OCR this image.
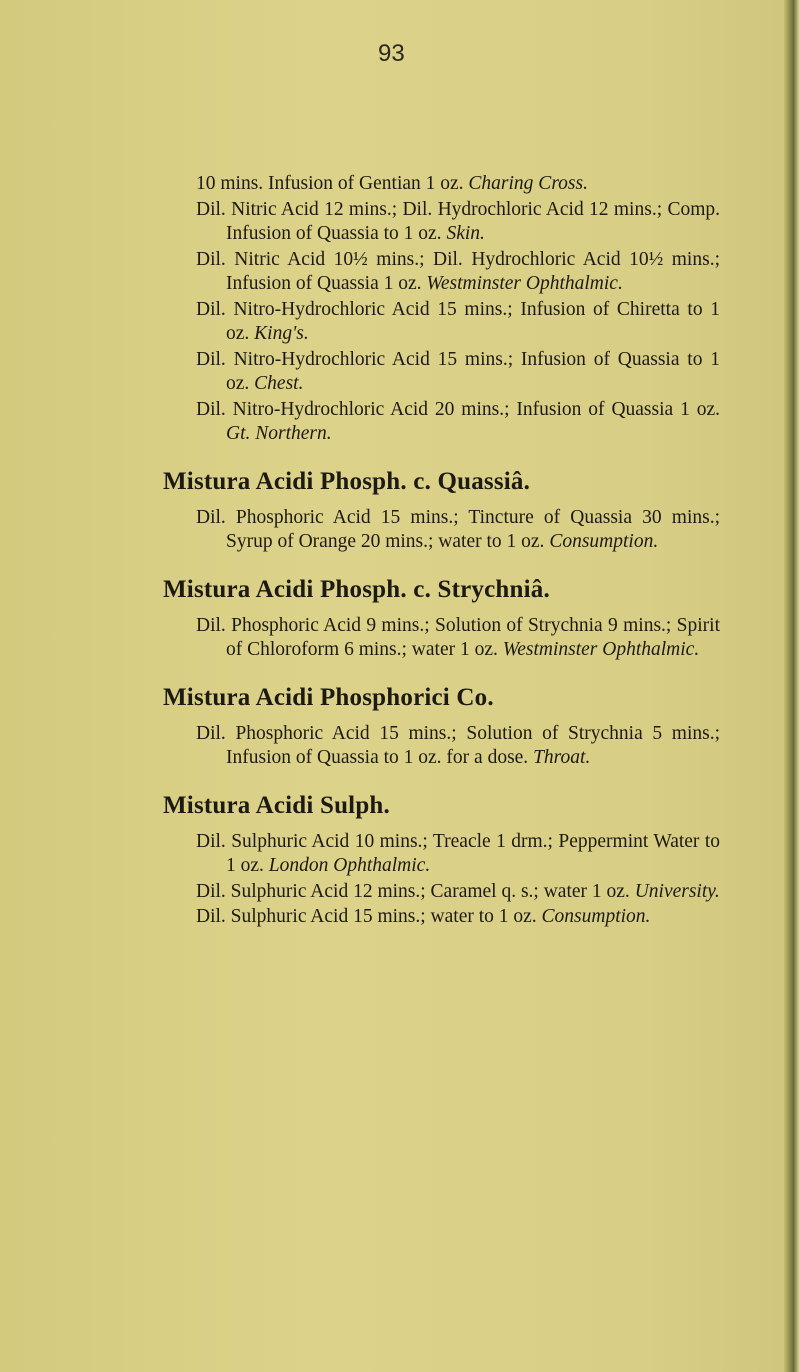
93

10 mins. Infusion of Gentian 1 oz. Charing Cross.

Dil. Nitric Acid 12 mins.; Dil. Hydrochloric Acid 12 mins.; Comp. Infusion of Quassia to 1 oz. Skin.

Dil. Nitric Acid 10½ mins.; Dil. Hydrochloric Acid 10½ mins.; Infusion of Quassia 1 oz. Westminster Ophthalmic.

Dil. Nitro-Hydrochloric Acid 15 mins.; Infusion of Chiretta to 1 oz. King's.

Dil. Nitro-Hydrochloric Acid 15 mins.; Infusion of Quassia to 1 oz. Chest.

Dil. Nitro-Hydrochloric Acid 20 mins.; Infusion of Quassia 1 oz. Gt. Northern.

Mistura Acidi Phosph. c. Quassiâ.

Dil. Phosphoric Acid 15 mins.; Tincture of Quassia 30 mins.; Syrup of Orange 20 mins.; water to 1 oz. Consumption.

Mistura Acidi Phosph. c. Strychniâ.

Dil. Phosphoric Acid 9 mins.; Solution of Strychnia 9 mins.; Spirit of Chloroform 6 mins.; water 1 oz. Westminster Ophthalmic.

Mistura Acidi Phosphorici Co.

Dil. Phosphoric Acid 15 mins.; Solution of Strychnia 5 mins.; Infusion of Quassia to 1 oz. for a dose. Throat.

Mistura Acidi Sulph.

Dil. Sulphuric Acid 10 mins.; Treacle 1 drm.; Peppermint Water to 1 oz. London Ophthalmic.

Dil. Sulphuric Acid 12 mins.; Caramel q. s.; water 1 oz. University.

Dil. Sulphuric Acid 15 mins.; water to 1 oz. Consumption.
